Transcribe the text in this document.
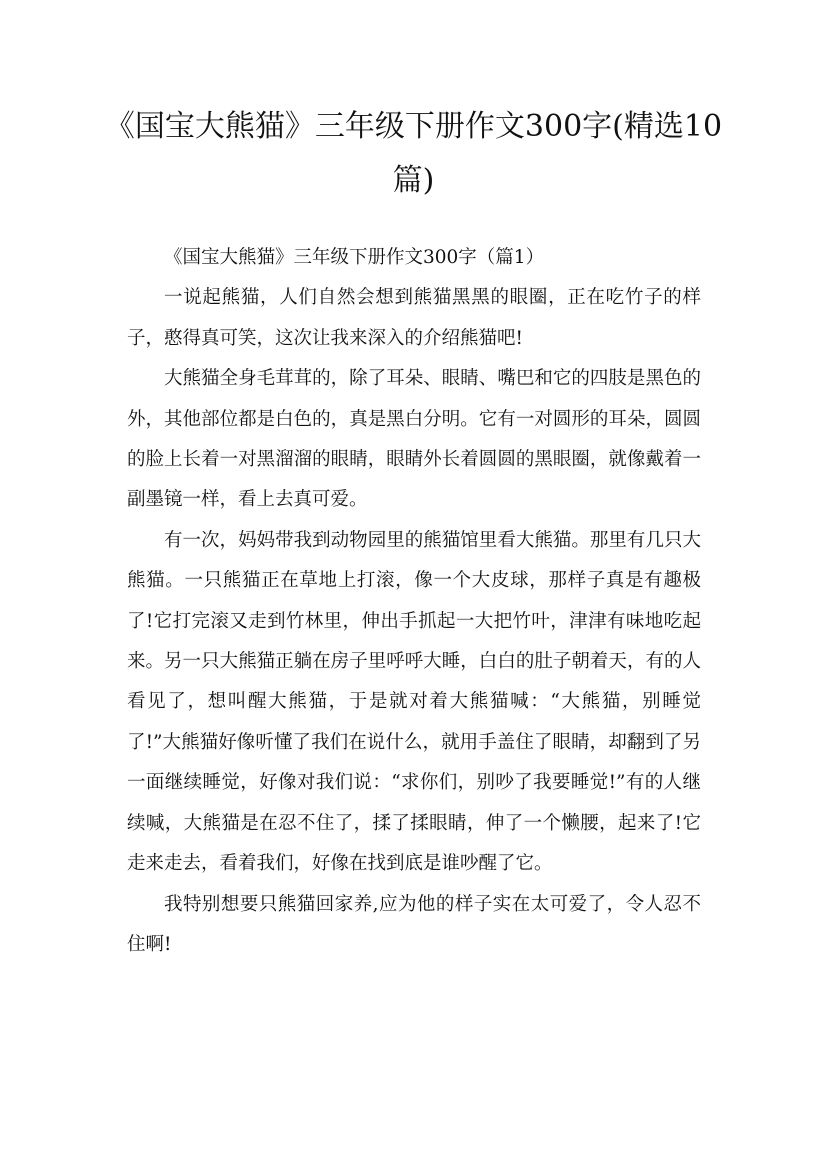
《国宝大熊猫》三年级下册作文300字(精选10篇)

《国宝大熊猫》三年级下册作文300字（篇1）

一说起熊猫，人们自然会想到熊猫黑黑的眼圈，正在吃竹子的样子，憨得真可笑，这次让我来深入的介绍熊猫吧!

大熊猫全身毛茸茸的，除了耳朵、眼睛、嘴巴和它的四肢是黑色的外，其他部位都是白色的，真是黑白分明。它有一对圆形的耳朵，圆圆的脸上长着一对黑溜溜的眼睛，眼睛外长着圆圆的黑眼圈，就像戴着一副墨镜一样，看上去真可爱。

有一次，妈妈带我到动物园里的熊猫馆里看大熊猫。那里有几只大熊猫。一只熊猫正在草地上打滚，像一个大皮球，那样子真是有趣极了!它打完滚又走到竹林里，伸出手抓起一大把竹叶，津津有味地吃起来。另一只大熊猫正躺在房子里呼呼大睡，白白的肚子朝着天，有的人看见了，想叫醒大熊猫，于是就对着大熊猫喊：“大熊猫，别睡觉了!”大熊猫好像听懂了我们在说什么，就用手盖住了眼睛，却翻到了另一面继续睡觉，好像对我们说：“求你们，别吵了我要睡觉!”有的人继续喊，大熊猫是在忍不住了，揉了揉眼睛，伸了一个懒腰，起来了!它走来走去，看着我们，好像在找到底是谁吵醒了它。

我特别想要只熊猫回家养,应为他的样子实在太可爱了，令人忍不住啊!
